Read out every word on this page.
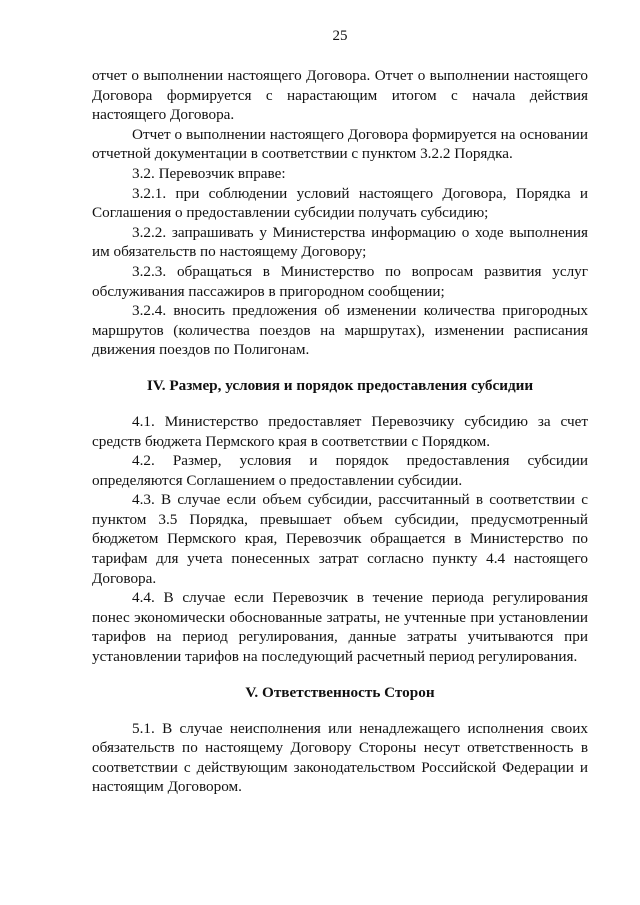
25

отчет о выполнении настоящего Договора. Отчет о выполнении настоящего Договора формируется с нарастающим итогом с начала действия настоящего Договора.

Отчет о выполнении настоящего Договора формируется на основании отчетной документации в соответствии с пунктом 3.2.2 Порядка.

3.2. Перевозчик вправе:

3.2.1. при соблюдении условий настоящего Договора, Порядка и Соглашения о предоставлении субсидии получать субсидию;

3.2.2. запрашивать у Министерства информацию о ходе выполнения им обязательств по настоящему Договору;

3.2.3. обращаться в Министерство по вопросам развития услуг обслуживания пассажиров в пригородном сообщении;

3.2.4. вносить предложения об изменении количества пригородных маршрутов (количества поездов на маршрутах), изменении расписания движения поездов по Полигонам.

IV. Размер, условия и порядок предоставления субсидии

4.1. Министерство предоставляет Перевозчику субсидию за счет средств бюджета Пермского края в соответствии с Порядком.

4.2. Размер, условия и порядок предоставления субсидии определяются Соглашением о предоставлении субсидии.

4.3. В случае если объем субсидии, рассчитанный в соответствии с пунктом 3.5 Порядка, превышает объем субсидии, предусмотренный бюджетом Пермского края, Перевозчик обращается в Министерство по тарифам для учета понесенных затрат согласно пункту 4.4 настоящего Договора.

4.4. В случае если Перевозчик в течение периода регулирования понес экономически обоснованные затраты, не учтенные при установлении тарифов на период регулирования, данные затраты учитываются при установлении тарифов на последующий расчетный период регулирования.

V. Ответственность Сторон

5.1. В случае неисполнения или ненадлежащего исполнения своих обязательств по настоящему Договору Стороны несут ответственность в соответствии с действующим законодательством Российской Федерации и настоящим Договором.
